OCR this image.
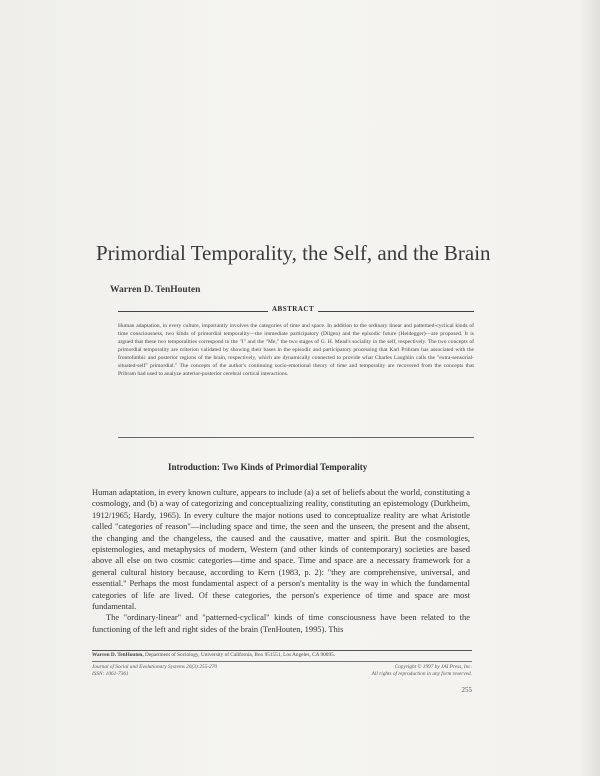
Primordial Temporality, the Self, and the Brain
Warren D. TenHouten
ABSTRACT
Human adaptation, in every culture, importantly involves the categories of time and space. In addition to the ordinary linear and patterned-cyclical kinds of time consciousness, two kinds of primordial temporality—the immediate participatory (Dilgen) and the episodic future (Heidegger)—are proposed. It is argued that these two temporalities correspond to the "I" and the "Me," the two stages of G. H. Mead's sociality in the self, respectively. The two concepts of primordial temporality are criterion validated by showing their bases in the episodic and participatory processing that Karl Pribram has associated with the frontolimbic and posterior regions of the brain, respectively, which are dynamically connected to provide what Charles Laughlin calls the "extra-sensorial-situated-self" primordial." The concepts of the author's continuing socio-emotional theory of time and temporality are recovered from the concepts that Pribram had used to analyze anterior-posterior cerebral cortical interactions.
Introduction: Two Kinds of Primordial Temporality

Human adaptation, in every known culture, appears to include (a) a set of beliefs about the world, constituting a cosmology, and (b) a way of categorizing and conceptualizing reality, constituting an epistemology (Durkheim, 1912/1965; Hardy, 1965). In every culture the major notions used to conceptualize reality are what Aristotle called "categories of reason"—including space and time, the seen and the unseen, the present and the absent, the changing and the changeless, the caused and the causative, matter and spirit. But the cosmologies, epistemologies, and metaphysics of modern, Western (and other kinds of contemporary) societies are based above all else on two cosmic categories—time and space. Time and space are a necessary framework for a general cultural history because, according to Kern (1983, p. 2): "they are comprehensive, universal, and essential." Perhaps the most fundamental aspect of a person's mentality is the way in which the fundamental categories of life are lived. Of these categories, the person's experience of time and space are most fundamental.

The "ordinary-linear" and "patterned-cyclical" kinds of time consciousness have been related to the functioning of the left and right sides of the brain (TenHouten, 1995). This

Warren D. TenHouten, Department of Sociology, University of California, Box 951551, Los Angeles, CA 90095.
Journal of Social and Evolutionary Systems 20(3):255-270
ISSN: 1061-7361
Copyright © 1997 by JAI Press, Inc.
All rights of reproduction in any form reserved.
255
